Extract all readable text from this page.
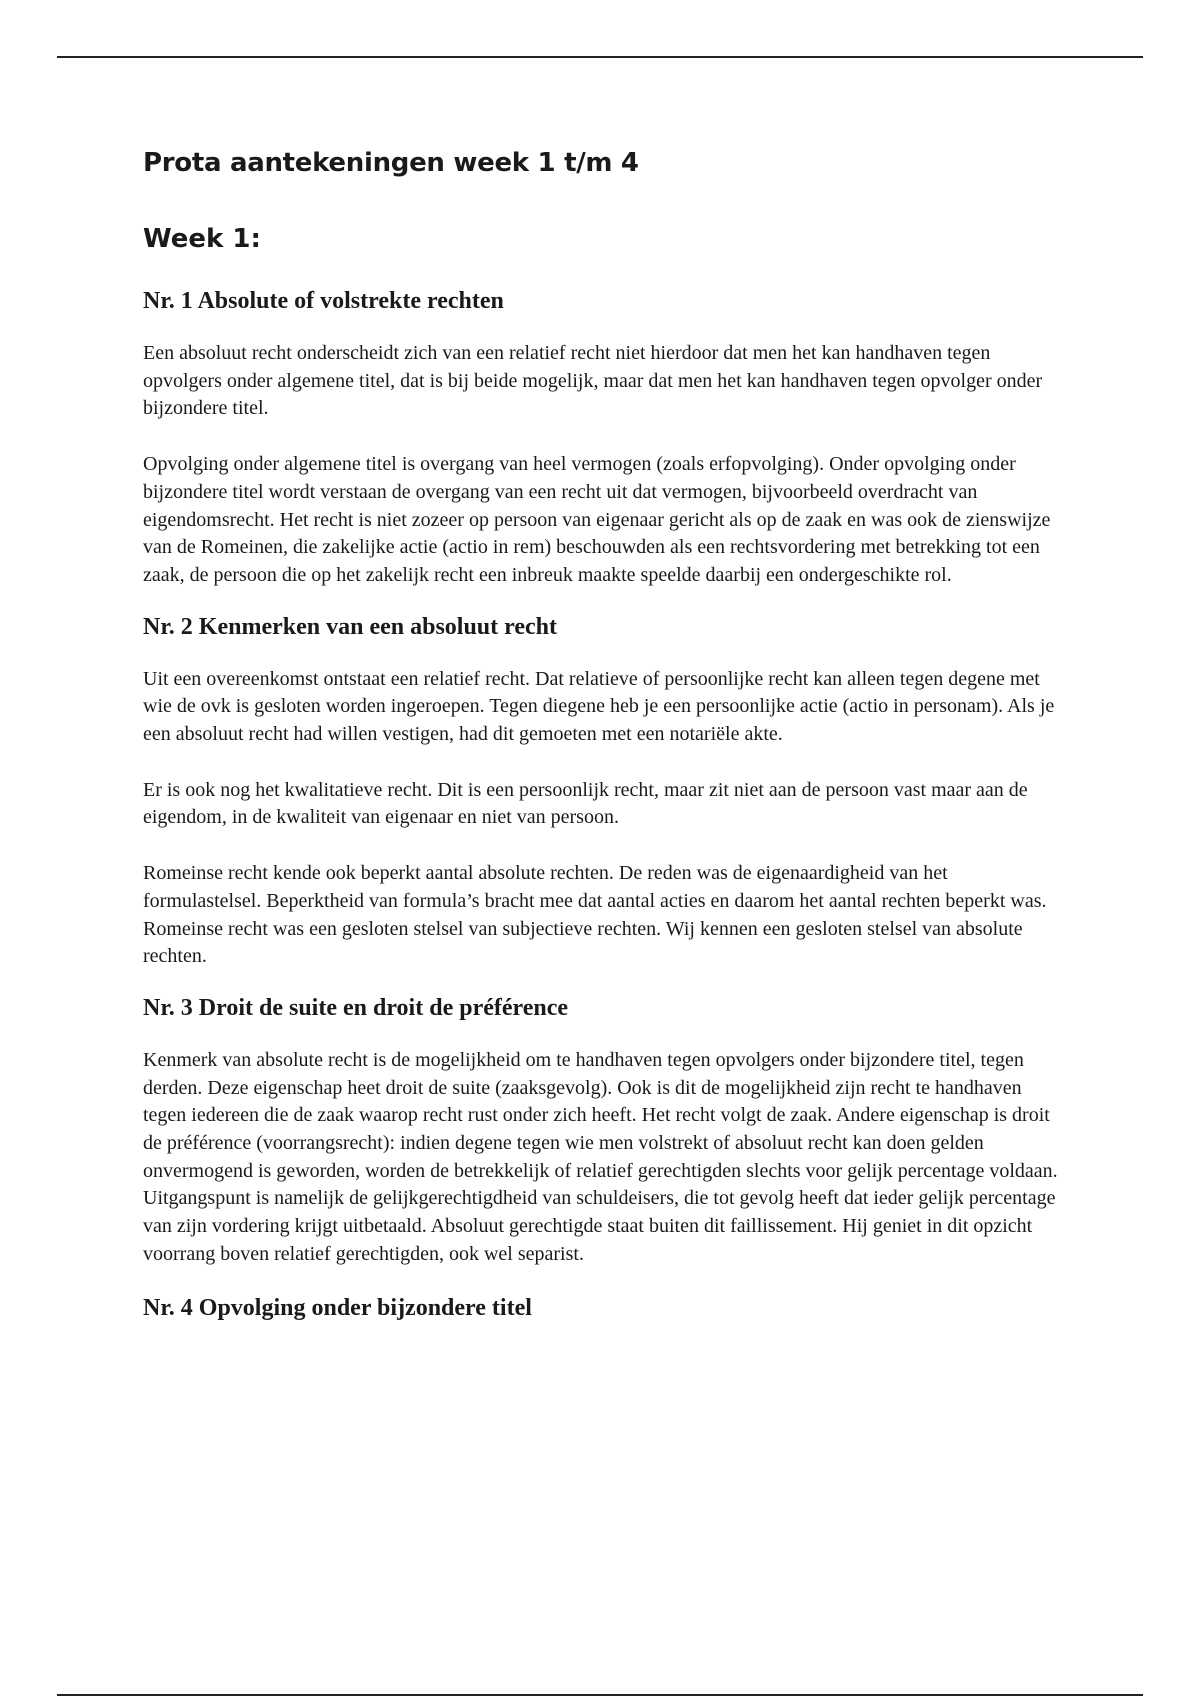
Prota aantekeningen week 1 t/m 4
Week 1:
Nr. 1 Absolute of volstrekte rechten

Een absoluut recht onderscheidt zich van een relatief recht niet hierdoor dat men het kan handhaven tegen opvolgers onder algemene titel, dat is bij beide mogelijk, maar dat men het kan handhaven tegen opvolger onder bijzondere titel.

Opvolging onder algemene titel is overgang van heel vermogen (zoals erfopvolging). Onder opvolging onder bijzondere titel wordt verstaan de overgang van een recht uit dat vermogen, bijvoorbeeld overdracht van eigendomsrecht. Het recht is niet zozeer op persoon van eigenaar gericht als op de zaak en was ook de zienswijze van de Romeinen, die zakelijke actie (actio in rem) beschouwden als een rechtsvordering met betrekking tot een zaak, de persoon die op het zakelijk recht een inbreuk maakte speelde daarbij een ondergeschikte rol.

Nr. 2 Kenmerken van een absoluut recht

Uit een overeenkomst ontstaat een relatief recht. Dat relatieve of persoonlijke recht kan alleen tegen degene met wie de ovk is gesloten worden ingeroepen. Tegen diegene heb je een persoonlijke actie (actio in personam). Als je een absoluut recht had willen vestigen, had dit gemoeten met een notariële akte.

Er is ook nog het kwalitatieve recht. Dit is een persoonlijk recht, maar zit niet aan de persoon vast maar aan de eigendom, in de kwaliteit van eigenaar en niet van persoon.

Romeinse recht kende ook beperkt aantal absolute rechten. De reden was de eigenaardigheid van het formulastelsel. Beperktheid van formula’s bracht mee dat aantal acties en daarom het aantal rechten beperkt was. Romeinse recht was een gesloten stelsel van subjectieve rechten. Wij kennen een gesloten stelsel van absolute rechten.

Nr. 3 Droit de suite en droit de préférence

Kenmerk van absolute recht is de mogelijkheid om te handhaven tegen opvolgers onder bijzondere titel, tegen derden. Deze eigenschap heet droit de suite (zaaksgevolg). Ook is dit de mogelijkheid zijn recht te handhaven tegen iedereen die de zaak waarop recht rust onder zich heeft. Het recht volgt de zaak. Andere eigenschap is droit de préférence (voorrangsrecht): indien degene tegen wie men volstrekt of absoluut recht kan doen gelden onvermogend is geworden, worden de betrekkelijk of relatief gerechtigden slechts voor gelijk percentage voldaan. Uitgangspunt is namelijk de gelijkgerechtigdheid van schuldeisers, die tot gevolg heeft dat ieder gelijk percentage van zijn vordering krijgt uitbetaald. Absoluut gerechtigde staat buiten dit faillissement. Hij geniet in dit opzicht voorrang boven relatief gerechtigden, ook wel separist.

Nr. 4 Opvolging onder bijzondere titel
